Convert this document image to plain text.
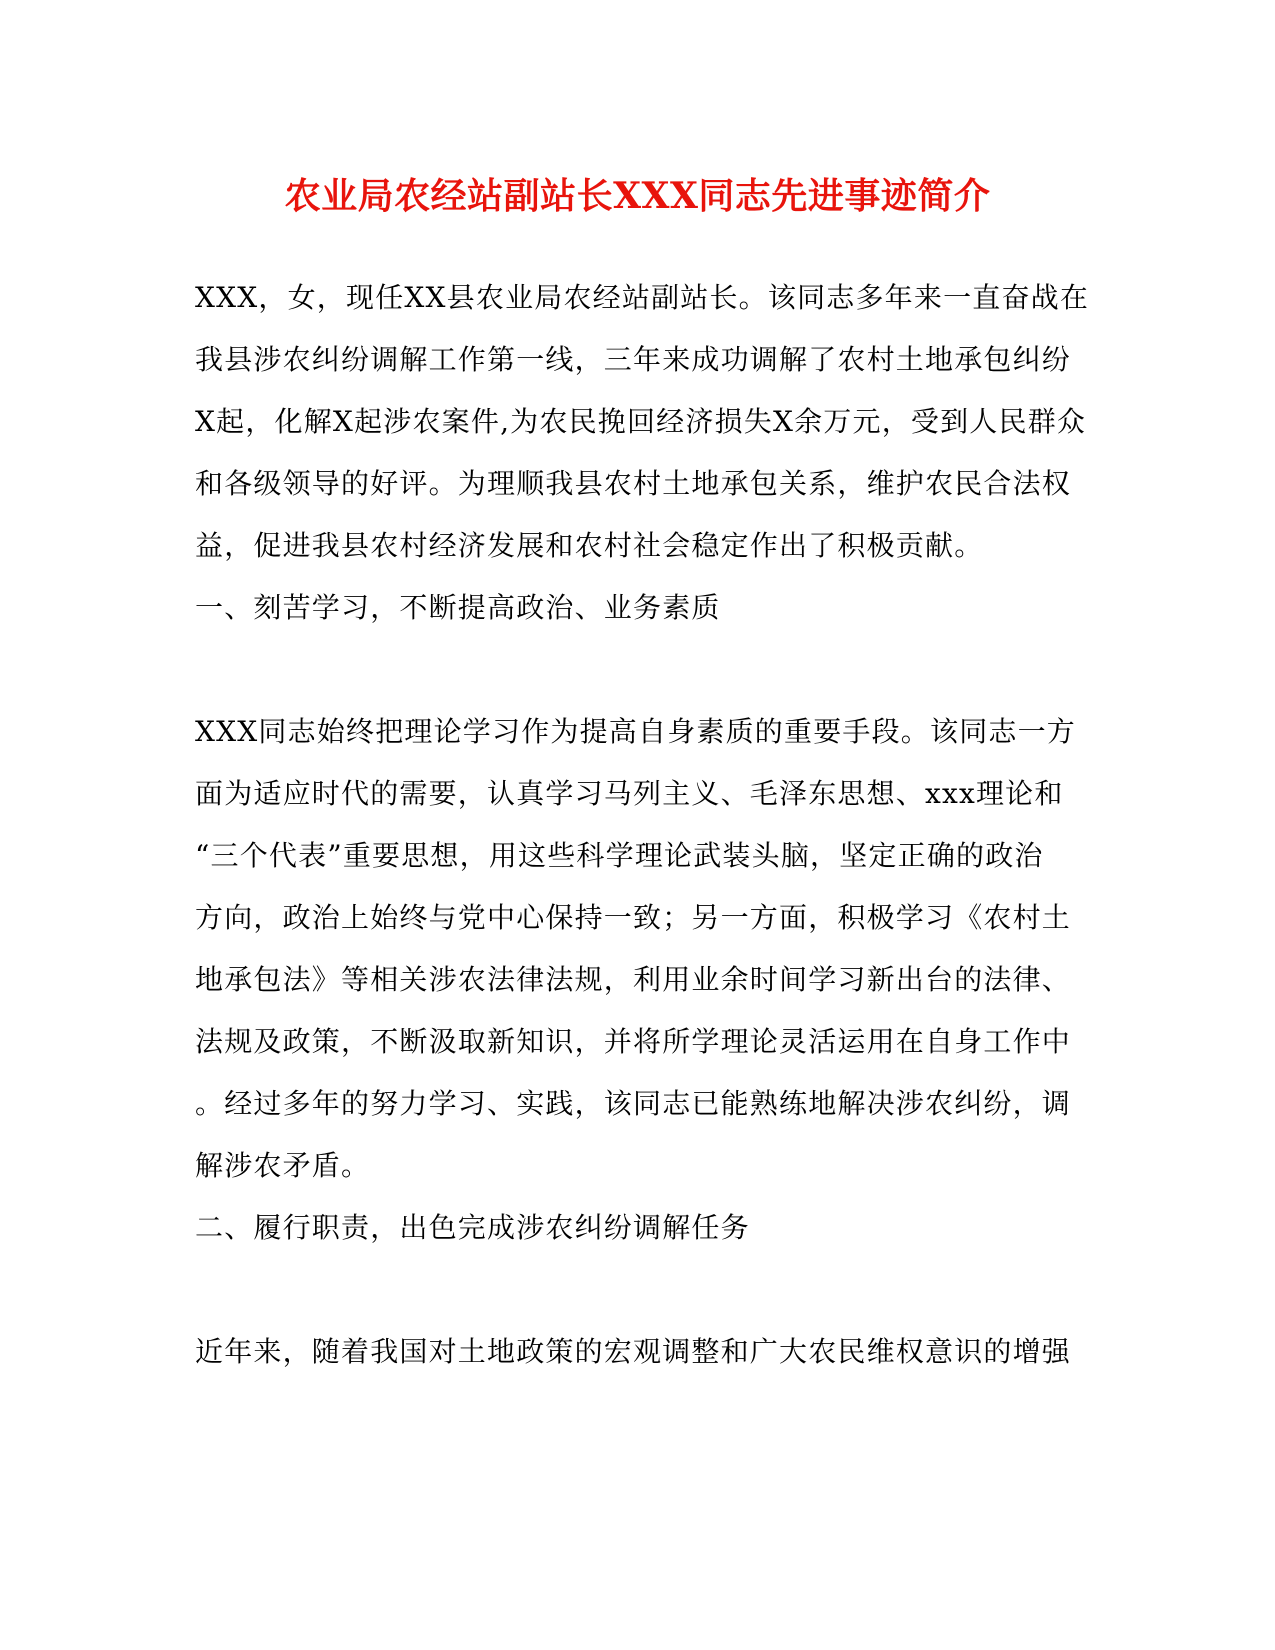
农业局农经站副站长XXX同志先进事迹简介
XXX，女，现任XX县农业局农经站副站长。该同志多年来一直奋战在
我县涉农纠纷调解工作第一线，三年来成功调解了农村土地承包纠纷
X起，化解X起涉农案件,为农民挽回经济损失X余万元，受到人民群众
和各级领导的好评。为理顺我县农村土地承包关系，维护农民合法权
益，促进我县农村经济发展和农村社会稳定作出了积极贡献。
一、刻苦学习，不断提高政治、业务素质
XXX同志始终把理论学习作为提高自身素质的重要手段。该同志一方
面为适应时代的需要，认真学习马列主义、毛泽东思想、xxx理论和
“三个代表”重要思想，用这些科学理论武装头脑，坚定正确的政治
方向，政治上始终与党中心保持一致；另一方面，积极学习《农村土
地承包法》等相关涉农法律法规，利用业余时间学习新出台的法律、
法规及政策，不断汲取新知识，并将所学理论灵活运用在自身工作中
。经过多年的努力学习、实践，该同志已能熟练地解决涉农纠纷，调
解涉农矛盾。
二、履行职责，出色完成涉农纠纷调解任务
近年来，随着我国对土地政策的宏观调整和广大农民维权意识的增强
